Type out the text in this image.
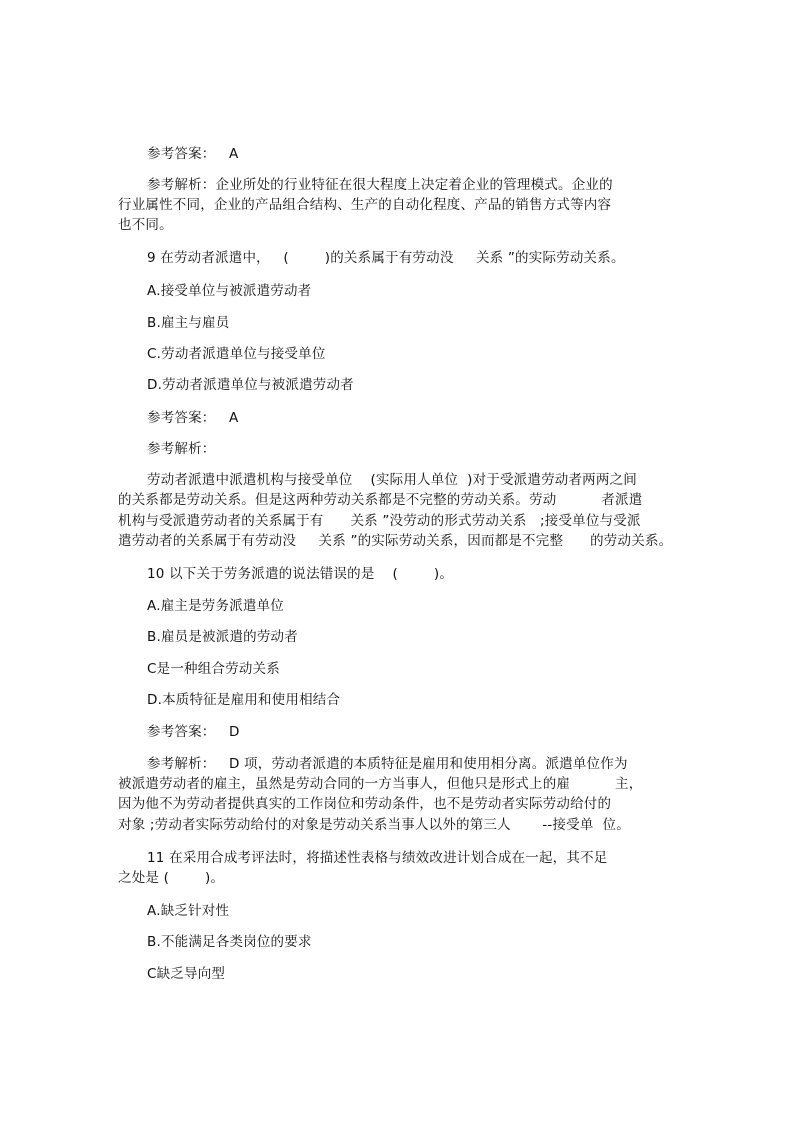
参考答案：   A
参考解析：企业所处的行业特征在很大程度上决定着企业的管理模式。企业的
行业属性不同，企业的产品组合结构、生产的自动化程度、产品的销售方式等内容
也不同。
9 在劳动者派遣中，   (        )的关系属于有劳动没     关系 ”的实际劳动关系。
A.接受单位与被派遣劳动者
B.雇主与雇员
C.劳动者派遣单位与接受单位
D.劳动者派遣单位与被派遣劳动者
参考答案：   A
参考解析：
劳动者派遣中派遣机构与接受单位    (实际用人单位  )对于受派遣劳动者两两之间
的关系都是劳动关系。但是这两种劳动关系都是不完整的劳动关系。劳动          者派遣
机构与受派遣劳动者的关系属于有      关系 ”没劳动的形式劳动关系   ;接受单位与受派
遣劳动者的关系属于有劳动没     关系 ”的实际劳动关系，因而都是不完整      的劳动关系。
10 以下关于劳务派遣的说法错误的是    (        )。
A.雇主是劳务派遣单位
B.雇员是被派遣的劳动者
C是一种组合劳动关系
D.本质特征是雇用和使用相结合
参考答案：   D
参考解析：   D 项，劳动者派遣的本质特征是雇用和使用相分离。派遣单位作为
被派遣劳动者的雇主，虽然是劳动合同的一方当事人，但他只是形式上的雇          主，
因为他不为劳动者提供真实的工作岗位和劳动条件，也不是劳动者实际劳动给付的
对象 ;劳动者实际劳动给付的对象是劳动关系当事人以外的第三人       --接受单  位。
11 在采用合成考评法时，将描述性表格与绩效改进计划合成在一起，其不足
之处是 (        )。
A.缺乏针对性
B.不能满足各类岗位的要求
C缺乏导向型
